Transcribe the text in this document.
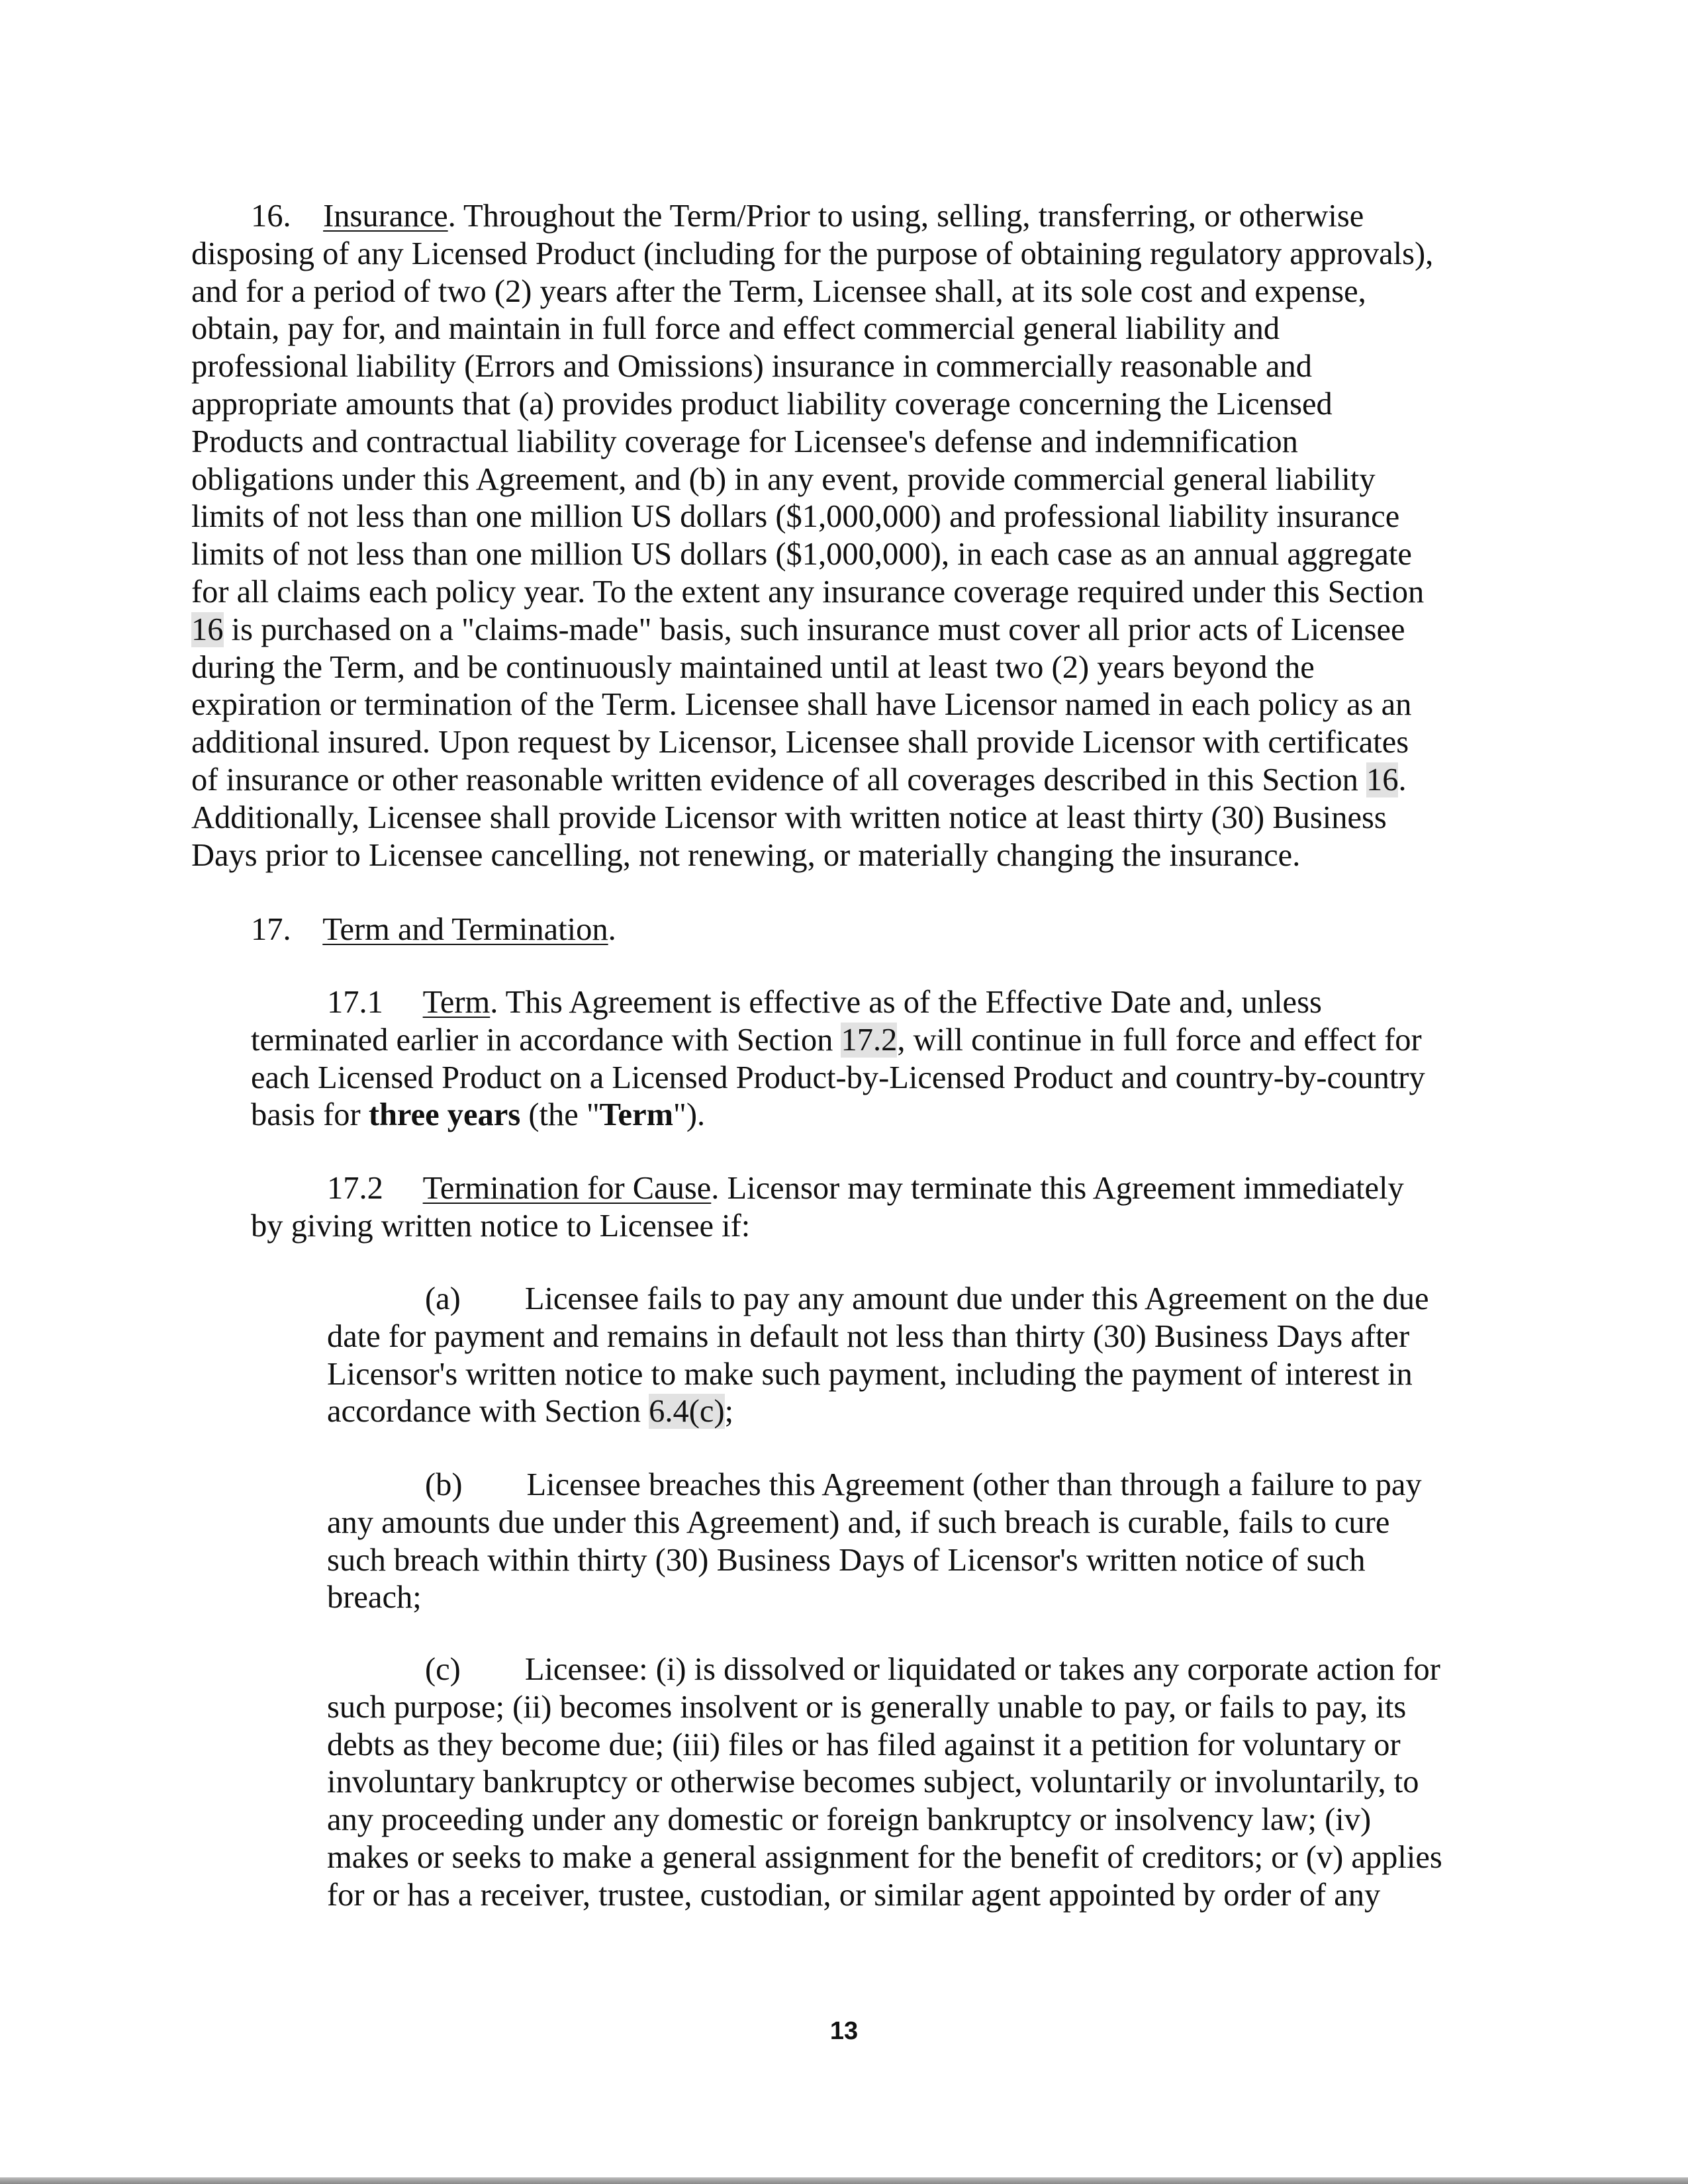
16.    Insurance. Throughout the Term/Prior to using, selling, transferring, or otherwise
disposing of any Licensed Product (including for the purpose of obtaining regulatory approvals),
and for a period of two (2) years after the Term, Licensee shall, at its sole cost and expense,
obtain, pay for, and maintain in full force and effect commercial general liability and
professional liability (Errors and Omissions) insurance in commercially reasonable and
appropriate amounts that (a) provides product liability coverage concerning the Licensed
Products and contractual liability coverage for Licensee's defense and indemnification
obligations under this Agreement, and (b) in any event, provide commercial general liability
limits of not less than one million US dollars ($1,000,000) and professional liability insurance
limits of not less than one million US dollars ($1,000,000), in each case as an annual aggregate
for all claims each policy year. To the extent any insurance coverage required under this Section
16 is purchased on a "claims-made" basis, such insurance must cover all prior acts of Licensee
during the Term, and be continuously maintained until at least two (2) years beyond the
expiration or termination of the Term. Licensee shall have Licensor named in each policy as an
additional insured. Upon request by Licensor, Licensee shall provide Licensor with certificates
of insurance or other reasonable written evidence of all coverages described in this Section 16.
Additionally, Licensee shall provide Licensor with written notice at least thirty (30) Business
Days prior to Licensee cancelling, not renewing, or materially changing the insurance.
17.    Term and Termination.
17.1     Term. This Agreement is effective as of the Effective Date and, unless
terminated earlier in accordance with Section 17.2, will continue in full force and effect for
each Licensed Product on a Licensed Product-by-Licensed Product and country-by-country
basis for three years (the "Term").
17.2     Termination for Cause. Licensor may terminate this Agreement immediately
by giving written notice to Licensee if:
(a)        Licensee fails to pay any amount due under this Agreement on the due
date for payment and remains in default not less than thirty (30) Business Days after
Licensor's written notice to make such payment, including the payment of interest in
accordance with Section 6.4(c);
(b)        Licensee breaches this Agreement (other than through a failure to pay
any amounts due under this Agreement) and, if such breach is curable, fails to cure
such breach within thirty (30) Business Days of Licensor's written notice of such
breach;
(c)        Licensee: (i) is dissolved or liquidated or takes any corporate action for
such purpose; (ii) becomes insolvent or is generally unable to pay, or fails to pay, its
debts as they become due; (iii) files or has filed against it a petition for voluntary or
involuntary bankruptcy or otherwise becomes subject, voluntarily or involuntarily, to
any proceeding under any domestic or foreign bankruptcy or insolvency law; (iv)
makes or seeks to make a general assignment for the benefit of creditors; or (v) applies
for or has a receiver, trustee, custodian, or similar agent appointed by order of any
13
